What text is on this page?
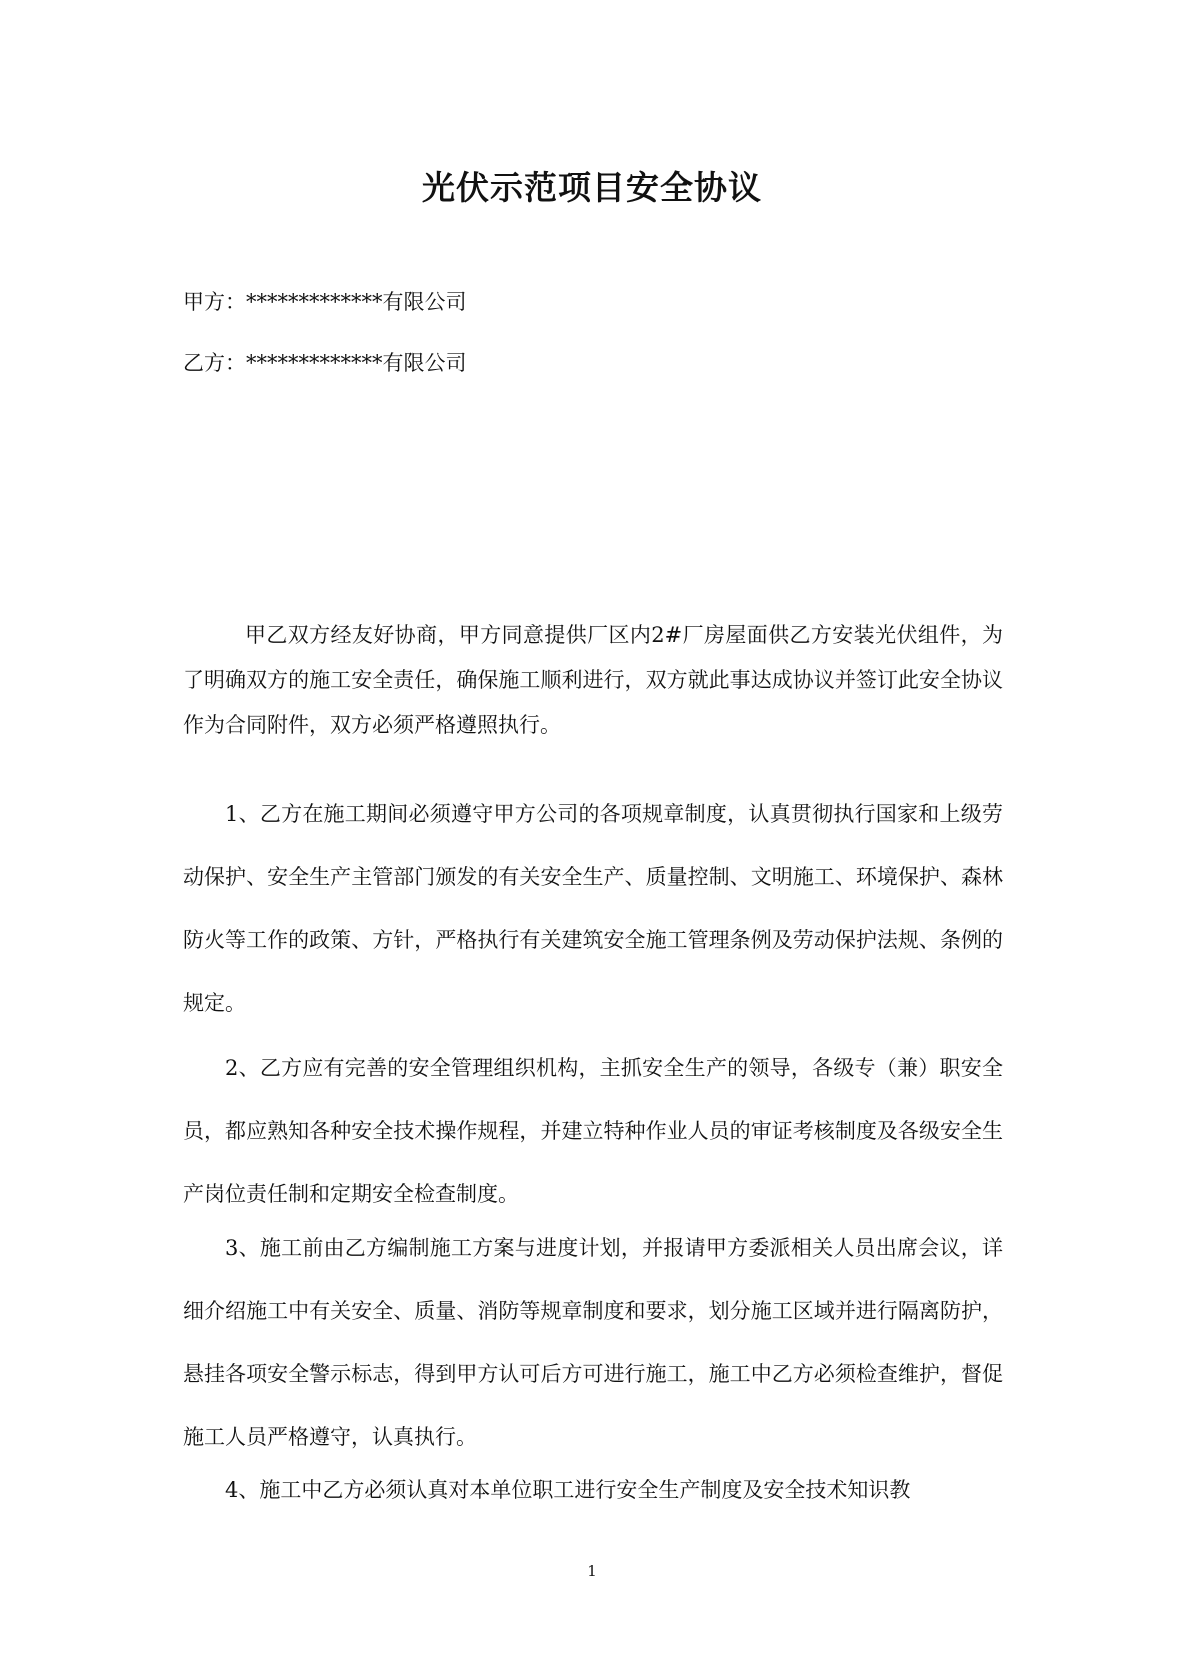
光伏示范项目安全协议

甲方：*************有限公司

乙方：*************有限公司

甲乙双方经友好协商，甲方同意提供厂区内2#厂房屋面供乙方安装光伏组件，为了明确双方的施工安全责任，确保施工顺利进行，双方就此事达成协议并签订此安全协议作为合同附件，双方必须严格遵照执行。

1、乙方在施工期间必须遵守甲方公司的各项规章制度，认真贯彻执行国家和上级劳动保护、安全生产主管部门颁发的有关安全生产、质量控制、文明施工、环境保护、森林防火等工作的政策、方针，严格执行有关建筑安全施工管理条例及劳动保护法规、条例的规定。

2、乙方应有完善的安全管理组织机构，主抓安全生产的领导，各级专（兼）职安全员，都应熟知各种安全技术操作规程，并建立特种作业人员的审证考核制度及各级安全生产岗位责任制和定期安全检查制度。

3、施工前由乙方编制施工方案与进度计划，并报请甲方委派相关人员出席会议，详细介绍施工中有关安全、质量、消防等规章制度和要求，划分施工区域并进行隔离防护，悬挂各项安全警示标志，得到甲方认可后方可进行施工，施工中乙方必须检查维护，督促施工人员严格遵守，认真执行。

4、施工中乙方必须认真对本单位职工进行安全生产制度及安全技术知识教

1
